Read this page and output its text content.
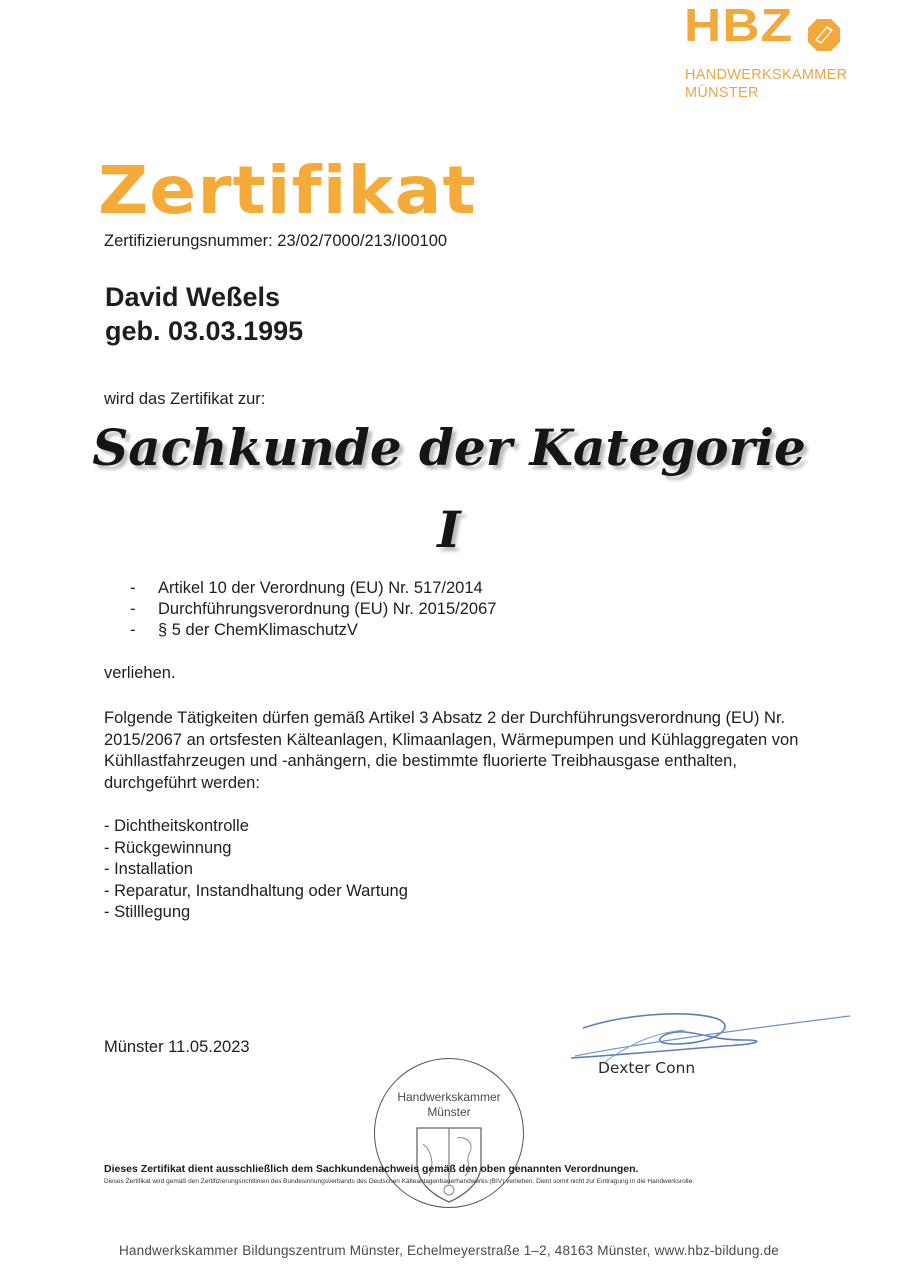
HBZ
HANDWERKSKAMMER
MÜNSTER
Zertifikat
Zertifizierungsnummer: 23/02/7000/213/I00100
David Weßels
geb. 03.03.1995
wird das Zertifikat zur:
Sachkunde der Kategorie
I
-	Artikel 10 der Verordnung (EU) Nr. 517/2014
-	Durchführungsverordnung (EU) Nr. 2015/2067
-	§ 5 der ChemKlimaschutzV
verliehen.
Folgende Tätigkeiten dürfen gemäß Artikel 3 Absatz 2 der Durchführungsverordnung (EU) Nr. 2015/2067 an ortsfesten Kälteanlagen, Klimaanlagen, Wärmepumpen und Kühlaggregaten von Kühllastfahrzeugen und -anhängern, die bestimmte fluorierte Treibhausgase enthalten, durchgeführt werden:
- Dichtheitskontrolle
- Rückgewinnung
- Installation
- Reparatur, Instandhaltung oder Wartung
- Stilllegung
Münster 11.05.2023
Dexter Conn
Handwerkskammer
Münster
Dieses Zertifikat dient ausschließlich dem Sachkundenachweis gemäß den oben genannten Verordnungen.
Dieses Zertifikat wird gemäß den Zertifizierungsrichtlinien des Bundesinnungsverbands des Deutschen Kälteanlagenbauerhandwerks (BIV) verliehen. Dient somit nicht zur Eintragung in die Handwerksrolle.
Handwerkskammer Bildungszentrum Münster, Echelmeyerstraße 1–2, 48163 Münster, www.hbz-bildung.de
